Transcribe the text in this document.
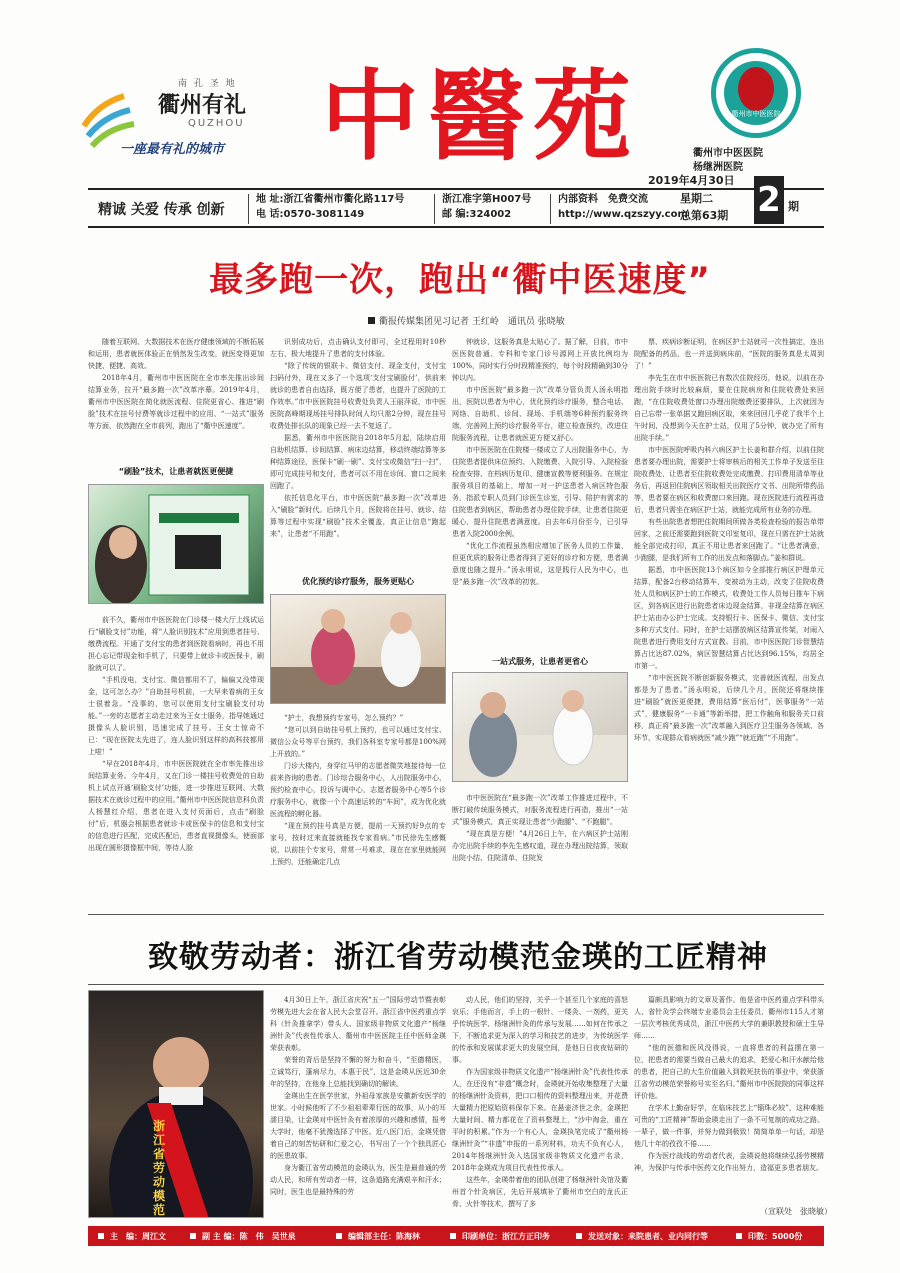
南 孔 圣 地
衢州有礼
QUZHOU
一座最有礼的城市 中醫苑	衢州市中医医院
衢州市中医医院
杨继洲医院
精诚 关爱 传承 创新
地 址:浙江省衢州市衢化路117号
电 话:0570-3081149
浙江准字第H007号
邮 编:324002
内部资料　免费交流
http://www.qzszyy.com
2019年4月30日
星期二
总第63期 2 期
最多跑一次，跑出“衢中医速度”
衢报传媒集团见习记者 王红岭　通讯员 张晓敏
随着互联网、大数据技术在医疗健康领域的不断拓展和运用，患者就医体验正在悄然发生改变，就医变得更加快捷、便捷、高效。
2018年4月，衢州市中医医院在全市率先推出诊间结算业务，拉开“最多跑一次”改革序幕。2019年4月，衢州市中医医院在简化就医流程、住院更省心、推进“刷脸”技术在挂号付费等就诊过程中的应用、“一站式”服务等方面，依然跑在全市前列，跑出了“衢中医速度”。
“刷脸”技术，让患者就医更便捷
前不久，衢州市中医医院在门诊楼一楼大厅上线试运行“刷脸支付”功能，将“人脸识别技术”应用到患者挂号、缴费流程。开通了支付宝的患者到医院看病时，再也不用担心忘记带现金和手机了，只要带上就诊卡或医保卡，刷脸就可以了。
“手机没电，支付宝、微信都用不了，偏偏又没带现金，这可怎么办？”自助挂号机前，一大早来看病的王女士很着急。“没事的，您可以使用支付宝刷脸支付功能。”一旁的志愿者主动走过来为王女士服务，指导她通过摄像头人脸识别，迅速完成了挂号。王女士惊奇不已：“现在医院太先进了，连人脸识别这样的高科技都用上啦！”
“早在2018年4月，市中医医院就在全市率先推出诊间结算业务。今年4月，又在门诊一楼挂号收费处的自助机上试点开通‘刷脸支付’功能，进一步推进互联网、大数据技术在就诊过程中的应用。”衢州市中医医院信息科负责人杨慧红介绍，患者在进入支付页面后，点击“刷脸付”后，机器会根据患者就诊卡或医保卡的信息和支付宝的信息进行匹配，完成匹配后，患者直视摄像头，使面部出现在圆形摄像框中间，等待人脸
识别成功后，点击确认支付即可，全过程用时10秒左右，极大地提升了患者的支付体验。
“除了传统的银联卡、微信支付、现金支付，支付宝扫码付外，现在又多了一个选项‘支付宝刷脸付’，供前来就诊的患者自由选择，既方便了患者，也提升了医院的工作效率。”市中医医院挂号收费处负责人王丽萍说，市中医医院高峰期现场挂号排队时间人均只需2分钟，现在挂号收费处排长队的现象已经一去不复返了。
据悉，衢州市中医医院自2018年5月起，陆续启用自助机结算、诊间结算、病床边结算，移动终端结算等多种结算途径，医保卡“刷一刷”、支付宝或微信“扫一扫”，即可完成挂号和支付，患者可以不用在诊间、窗口之间来回跑了。
依托信息化平台，市中医医院“最多跑一次”改革进入“刷脸”新时代。后续几个月，医院将在挂号、就诊、结算等过程中实现“刷脸”技术全覆盖，真正让信息“跑起来”，让患者“不用跑”。
优化预约诊疗服务，服务更贴心
“护士，我想预约专家号，怎么预约？”
“您可以到自助挂号机上预约，也可以通过支付宝、微信公众号等平台预约，我们各科室专家号都是100%网上开放的。”
门诊大楼内，身穿红马甲的志愿者微笑地接待每一位前来咨询的患者。门诊综合服务中心，人出院服务中心，预约检查中心，投诉与调中心，志愿者服务中心等5个诊疗服务中心，就像一个个高速运转的“车间”，成为优化就医流程的孵化器。
“现在预约挂号真是方便，提前一天预约好9点的专家号，按时过来直接就能找专家看病。”市民徐先生感慨说，以前挂个专家号，常常一号难求，现在在家里就能网上预约，还能确定几点
钟就诊，这服务真是太贴心了。据了解，目前，市中医医院普通、专科和专家门诊号源网上开放比例均为100%，同时实行分时段精准预约，每个时段精确到30分钟以内。
市中医医院“最多跑一次”改革分管负责人汤永明指出，医院以患者为中心，优化预约诊疗服务，整合电话、网络、自助机、诊间、现场、手机端等6种预约服务终端，完善网上预约诊疗服务平台，建立检查预约，改进住院服务流程，让患者就医更方便又舒心。
市中医医院在住院楼一楼成立了人出院服务中心，为住院患者提供床位预约、入院缴费、入院引导、入院检验检查安排、在档病历复印、健康宣教等便利服务。在规定服务项目的基础上，增加一对一护送患者入病区特色服务，指派专职人员到门诊医生诊室，引导、陪护有需求的住院患者到病区，帮助患者办理住院手续，让患者住院更暖心，提升住院患者满意度。自去年6月份至今，已引导患者入院2000余例。
“优化工作流程虽然相应增加了医务人员的工作量，但更优质的服务让患者得到了更好的诊疗和方便，患者满意度也随之提升。”汤永明说，这是践行人民为中心，也是“最多跑一次”改革的初衷。
一站式服务，让患者更省心
市中医医院在“最多跑一次”改革工作推进过程中，不断打破传统服务模式，对服务流程进行再造，推出“一站式”服务模式，真正实现让患者“少跑腿”、“不跑腿”。
“现在真是方便！”4月26日上午，在六病区护士站刚办完出院手续的李先生感叹道，现在办理出院结算，领取出院小结、住院清单、住院发
票、疾病诊断证明，在病区护士站就可一次性搞定，连出院配备的药品，也一并送到病床前，“医院的服务真是太周到了！”
李先生在市中医医院已有数次住院经历，他说，以前在办理出院手续时比较麻烦，要在住院病房和住院收费处来回跑，“在住院收费处窗口办理出院缴费还要排队，上次就因为自己忘带一张单据又跑回病区取，来来回回几乎花了我半个上午时间，没想到今天在护士站，仅用了5分钟，就办完了所有出院手续。”
市中医医院呼吸内科六病区护士长姜和群介绍，以前住院患者要办理出院，需要护士将审核后的相关工作单子发送至住院收费处，让患者至住院收费处完成缴费、打印费用清单等业务后，再返回住院病区领取相关出院医疗文书、出院所带药品等，患者要在病区和收费窗口来回跑。现在医院进行流程再造后，患者只需坐在病区护士站，就能完成所有业务的办理。
有些出院患者想把住院期间所做各类检查检验的报告单带回家，之前还需要跑到医院文印室复印，现在只需在护士站就能全部完成打印，真正不用让患者来回跑了。“让患者满意，少跑腿，是我们所有工作的出发点和落脚点。”姜和群说。
据悉，市中医医院13个病区如今全部推行病区护理单元结算，配备2台移动结算车，变被动为主动，改变了住院收费处人员和病区护士的工作模式，收费处工作人员每日推车下病区，到各病区进行出院患者床边现金结算，非现金结算在病区护士站由办公护士完成。支持银行卡、医保卡、微信、支付宝多种方式支付。同时，在护士站摆放病区结算宣传架，对闹入院患者进行费用支付方式宣教。目前，市中医医院门诊智慧结算占比达87.02%，病区智慧结算占比达到96.15%，均居全市第一。
“市中医医院不断创新服务模式，完善就医流程，出发点都是为了患者。”汤永明说，后续几个月，医院还将继续推进“刷脸”就医更便捷，费用结算“医后付”，医事服务“一站式”，健康服务“一卡通”等新举措，把工作触角和服务关口前移，真正将“最多跑一次”改革融入到医疗卫生服务各领域、各环节，实现群众看病就医“减少跑”“就近跑”“不用跑”。
致敬劳动者：浙江省劳动模范金瑛的工匠精神
浙江省劳动模范
4月30日上午，浙江省庆祝“五一”国际劳动节暨表彰劳模先进大会在省人民大会堂召开。浙江省中医药重点学科（针灸推拿学）带头人、国家级非物质文化遗产“杨继洲针灸”代表性传承人、衢州市中医医院主任中医师金瑛荣获表彰。
荣誉的背后是坚持不懈的努力和奋斗，“至德精医，立诚笃行，蓬病尽力，本惠于民”，这是金瑛从医近30余年的坚持，在他身上总能找到确切的解读。
金瑛出生在医学世家，外祖母家族是安徽新安医学的世家。小时候他听了不少祖祖辈辈行医的故事，从小的耳濡目染，让金瑛对中医针灸有着浓厚的兴趣和感情，报考大学时，他毫不犹豫选择了中医。近八医门后，金瑛凭借着自己的刻苦钻研和仁爱之心，书写出了一个个独具匠心的医患故事。
身为衢江省劳动模范的金瑛认为，医生是最普通的劳动人民，和所有劳动者一样，这条道路充满艰辛和汗水；同时，医生也是最特殊的劳
动人民，他们的坚持，关乎一个甚至几个家庭的喜怒哀乐；手他而言，手上的一根针、一缕灸、一剂药，更关乎传统医学、杨继洲针灸的传承与发展……如何在传承之下，不断追求更为深入的学习和技艺的进步，为传统医学的传承和发展谋求更大的发展空间，是他日日夜夜钻研的事。
作为国家级非物质文化遗产“杨继洲针灸”代表性传承人，在还没有“非遗”概念时，金瑛就开始收集整理了大量的杨继洲针灸资料，把口口相传的资料整理出来，并花费大量精力把原始资料保存下来。在悬壶济世之余，金瑛把大量时间、精力都花在了资料整理上，“沙中淘金，重在平时的积累。”作为一个有心人，金瑛执笔完成了“衢州杨继洲针灸”“非遗”申报的一系列材料，功夫不负有心人，2014年杨继洲针灸入选国家级非物质文化遗产名录，2018年金瑛成为项目代表性传承人。
这些年，金瑛带着他的团队创建了杨继洲针灸馆及衢州首个针灸病区，先后开展填补了衢州市空白的龙氏正骨、火针等技术，撰写了多
篇颇具影响力的文章及著作。他是省中医药重点学科带头人、省针灸学会终端专业委员会主任委员、衢州市115人才第一层次考核优秀成员，浙江中医药大学的兼职教授和硕士生导师……
“他的医德和医风没得说，一直将患者的利益摆在第一位，把患者的需要当做自己最大的追求，把爱心和汗水献给他的患者，把自己的大生价值融入到救死扶伤的事业中，荣获浙江省劳动模范荣誉称号实至名归。”衢州市中医院院的同事这样评价他。
在学术上勤奋好学，在临床技艺上“锱珠必较”，这种难能可贵的“工匠精神”帮助金瑛走出了一条不可复制的成功之路。一辈子，做一件事，并努力做到极致！简简单单一句话，却是他几十年的孜孜不倦……
作为医疗战线的劳动者代表，金瑛说他将继续弘扬劳模精神，为保护与传承中医药文化作出努力，造福更多患者朋友。
（宣联处　张晓敏）
主　编：周江文	副 主 编：陈　伟　吴世泉	编辑部主任：陈海林	印刷单位：浙江方正印务	发送对象：来院患者、业内同行等	印数：5000份
